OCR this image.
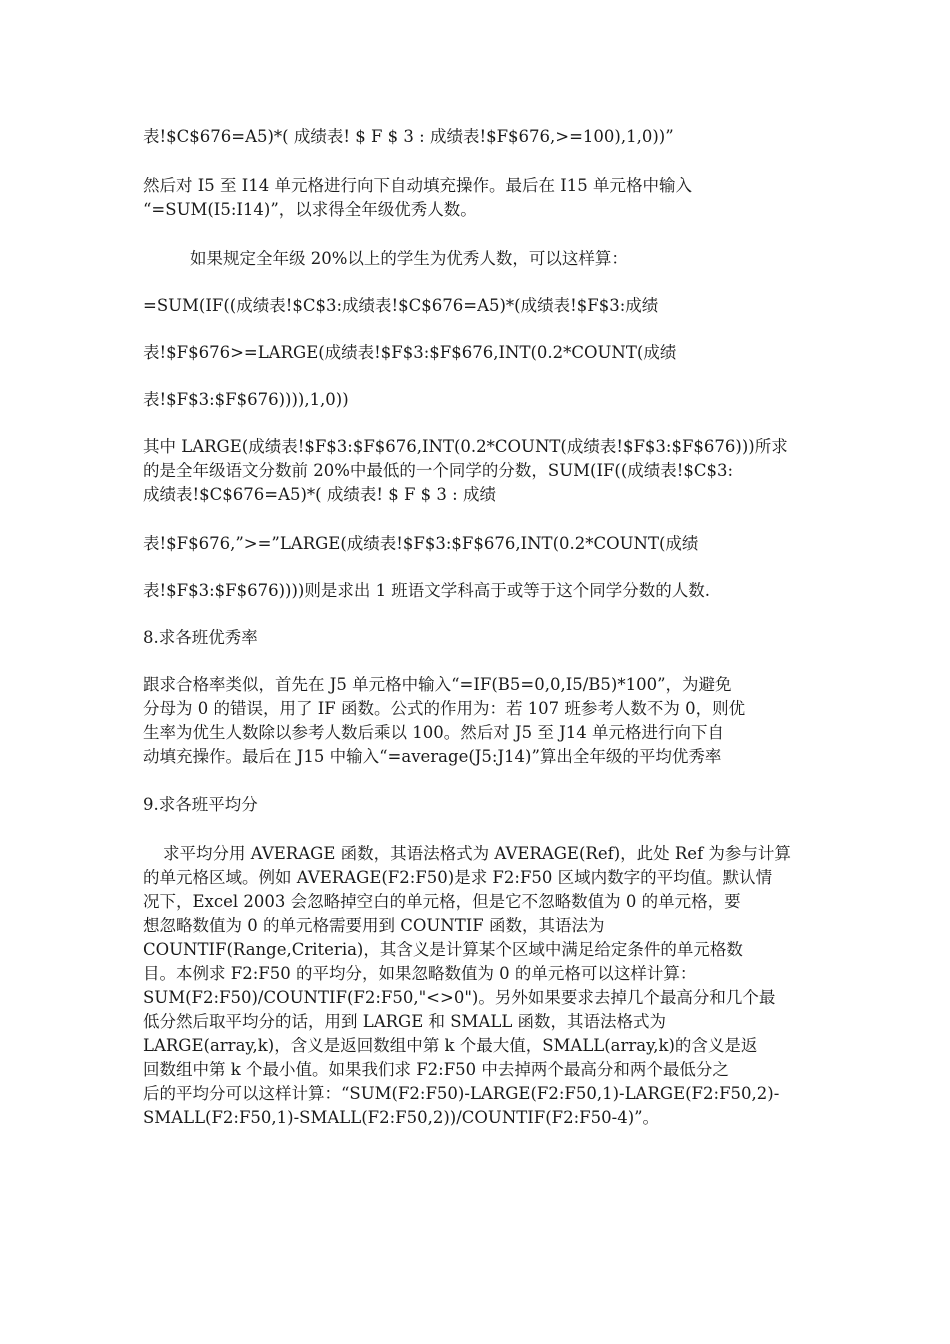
表!$C$676=A5)*( 成绩表! $ F $ 3 : 成绩表!$F$676,>=100),1,0))”
然后对 I5 至 I14 单元格进行向下自动填充操作。最后在 I15 单元格中输入
“=SUM(I5:I14)”，以求得全年级优秀人数。
如果规定全年级 20%以上的学生为优秀人数，可以这样算：
=SUM(IF((成绩表!$C$3:成绩表!$C$676=A5)*(成绩表!$F$3:成绩
表!$F$676>=LARGE(成绩表!$F$3:$F$676,INT(0.2*COUNT(成绩
表!$F$3:$F$676)))),1,0))
其中 LARGE(成绩表!$F$3:$F$676,INT(0.2*COUNT(成绩表!$F$3:$F$676)))所求
的是全年级语文分数前 20%中最低的一个同学的分数，SUM(IF((成绩表!$C$3:
成绩表!$C$676=A5)*( 成绩表! $ F $ 3 : 成绩
表!$F$676,”>=”LARGE(成绩表!$F$3:$F$676,INT(0.2*COUNT(成绩
表!$F$3:$F$676))))则是求出 1 班语文学科高于或等于这个同学分数的人数.
8.求各班优秀率
跟求合格率类似，首先在 J5 单元格中输入“=IF(B5=0,0,I5/B5)*100”，为避免
分母为 0 的错误，用了 IF 函数。公式的作用为：若 107 班参考人数不为 0，则优
生率为优生人数除以参考人数后乘以 100。然后对 J5 至 J14 单元格进行向下自
动填充操作。最后在 J15 中输入“=average(J5:J14)”算出全年级的平均优秀率
9.求各班平均分
求平均分用 AVERAGE 函数，其语法格式为 AVERAGE(Ref)，此处 Ref 为参与计算
的单元格区域。例如 AVERAGE(F2:F50)是求 F2:F50 区域内数字的平均值。默认情
况下，Excel 2003 会忽略掉空白的单元格，但是它不忽略数值为 0 的单元格，要
想忽略数值为 0 的单元格需要用到 COUNTIF 函数，其语法为
COUNTIF(Range,Criteria)，其含义是计算某个区域中满足给定条件的单元格数
目。本例求 F2:F50 的平均分，如果忽略数值为 0 的单元格可以这样计算：
SUM(F2:F50)/COUNTIF(F2:F50,"<>0")。另外如果要求去掉几个最高分和几个最
低分然后取平均分的话，用到 LARGE 和 SMALL 函数，其语法格式为
LARGE(array,k)，含义是返回数组中第 k 个最大值，SMALL(array,k)的含义是返
回数组中第 k 个最小值。如果我们求 F2:F50 中去掉两个最高分和两个最低分之
后的平均分可以这样计算：“SUM(F2:F50)-LARGE(F2:F50,1)-LARGE(F2:F50,2)-
SMALL(F2:F50,1)-SMALL(F2:F50,2))/COUNTIF(F2:F50-4)”。
